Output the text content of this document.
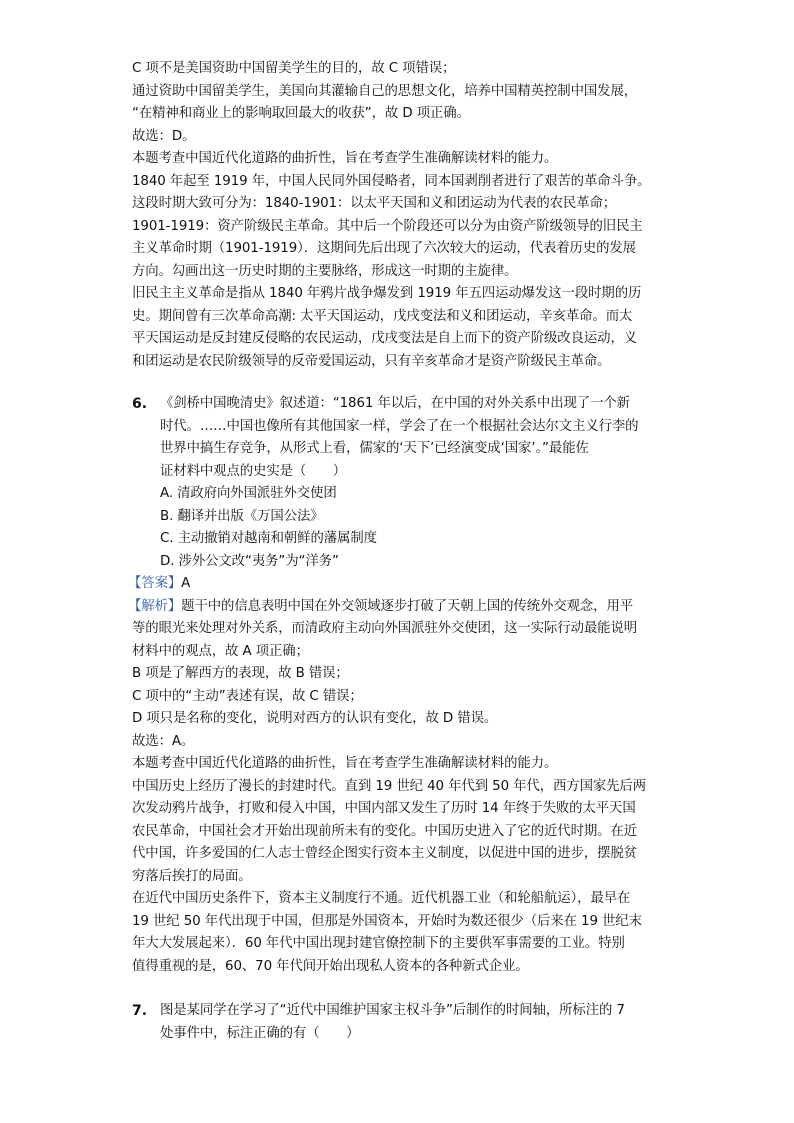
C 项不是美国资助中国留美学生的目的，故 C 项错误；
通过资助中国留美学生，美国向其灌输自己的思想文化，培养中国精英控制中国发展，
“在精神和商业上的影响取回最大的收获”，故 D 项正确。
故选：D。
本题考查中国近代化道路的曲折性，旨在考查学生准确解读材料的能力。
1840 年起至 1919 年，中国人民同外国侵略者，同本国剥削者进行了艰苦的革命斗争。
这段时期大致可分为：1840-1901：以太平天国和义和团运动为代表的农民革命；
1901-1919：资产阶级民主革命。其中后一个阶段还可以分为由资产阶级领导的旧民主
主义革命时期（1901-1919）．这期间先后出现了六次较大的运动，代表着历史的发展
方向。勾画出这一历史时期的主要脉络，形成这一时期的主旋律。
旧民主主义革命是指从 1840 年鸦片战争爆发到 1919 年五四运动爆发这一段时期的历
史。期间曾有三次革命高潮: 太平天国运动，戊戌变法和义和团运动，辛亥革命。而太
平天国运动是反封建反侵略的农民运动，戊戌变法是自上而下的资产阶级改良运动，义
和团运动是农民阶级领导的反帝爱国运动，只有辛亥革命才是资产阶级民主革命。
6. 《剑桥中国晚清史》叙述道：“1861 年以后，在中国的对外关系中出现了一个新
时代。……中国也像所有其他国家一样，学会了在一个根据社会达尔文主义行李的
世界中搞生存竞争，从形式上看，儒家的‘天下’已经演变成‘国家’。”最能佐
证材料中观点的史实是（　　）
A. 清政府向外国派驻外交使团
B. 翻译并出版《万国公法》
C. 主动撤销对越南和朝鲜的藩属制度
D. 涉外公文改“夷务”为“洋务”
【答案】A
【解析】题干中的信息表明中国在外交领域逐步打破了天朝上国的传统外交观念，用平
等的眼光来处理对外关系，而清政府主动向外国派驻外交使团，这一实际行动最能说明
材料中的观点，故 A 项正确；
B 项是了解西方的表现，故 B 错误；
C 项中的“主动”表述有误，故 C 错误；
D 项只是名称的变化，说明对西方的认识有变化，故 D 错误。
故选：A。
本题考查中国近代化道路的曲折性，旨在考查学生准确解读材料的能力。
中国历史上经历了漫长的封建时代。直到 19 世纪 40 年代到 50 年代，西方国家先后两
次发动鸦片战争，打败和侵入中国，中国内部又发生了历时 14 年终于失败的太平天国
农民革命，中国社会才开始出现前所未有的变化。中国历史进入了它的近代时期。在近
代中国，许多爱国的仁人志士曾经企图实行资本主义制度，以促进中国的进步，摆脱贫
穷落后挨打的局面。
在近代中国历史条件下，资本主义制度行不通。近代机器工业（和轮船航运），最早在
19 世纪 50 年代出现于中国，但那是外国资本，开始时为数还很少（后来在 19 世纪末
年大大发展起来）．60 年代中国出现封建官僚控制下的主要供军事需要的工业。特别
值得重视的是，60、70 年代间开始出现私人资本的各种新式企业。
7. 图是某同学在学习了“近代中国维护国家主权斗争”后制作的时间轴，所标注的 7
处事件中，标注正确的有（　　）
